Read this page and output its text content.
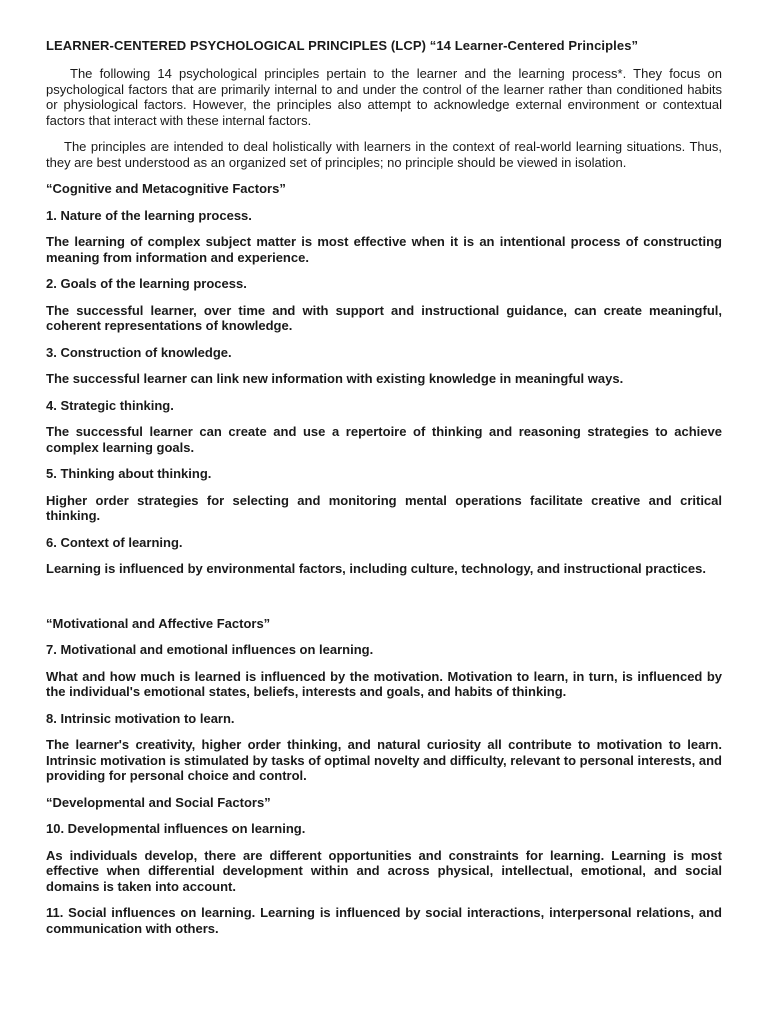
LEARNER-CENTERED PSYCHOLOGICAL PRINCIPLES (LCP) “14 Learner-Centered Principles”

The following 14 psychological principles pertain to the learner and the learning process*. They focus on psychological factors that are primarily internal to and under the control of the learner rather than conditioned habits or physiological factors. However, the principles also attempt to acknowledge external environment or contextual factors that interact with these internal factors.

The principles are intended to deal holistically with learners in the context of real-world learning situations. Thus, they are best understood as an organized set of principles; no principle should be viewed in isolation.

“Cognitive and Metacognitive Factors”
1. Nature of the learning process.
The learning of complex subject matter is most effective when it is an intentional process of constructing meaning from information and experience.
2. Goals of the learning process.
The successful learner, over time and with support and instructional guidance, can create meaningful, coherent representations of knowledge.
3. Construction of knowledge.
The successful learner can link new information with existing knowledge in meaningful ways.
4. Strategic thinking.
The successful learner can create and use a repertoire of thinking and reasoning strategies to achieve complex learning goals.
5. Thinking about thinking.
Higher order strategies for selecting and monitoring mental operations facilitate creative and critical thinking.
6. Context of learning.
Learning is influenced by environmental factors, including culture, technology, and instructional practices.
“Motivational and Affective Factors”
7. Motivational and emotional influences on learning.
What and how much is learned is influenced by the motivation. Motivation to learn, in turn, is influenced by the individual's emotional states, beliefs, interests and goals, and habits of thinking.
8. Intrinsic motivation to learn.
The learner's creativity, higher order thinking, and natural curiosity all contribute to motivation to learn. Intrinsic motivation is stimulated by tasks of optimal novelty and difficulty, relevant to personal interests, and providing for personal choice and control.
“Developmental and Social Factors”
10. Developmental influences on learning.
As individuals develop, there are different opportunities and constraints for learning. Learning is most effective when differential development within and across physical, intellectual, emotional, and social domains is taken into account.
11. Social influences on learning. Learning is influenced by social interactions, interpersonal relations, and communication with others.
